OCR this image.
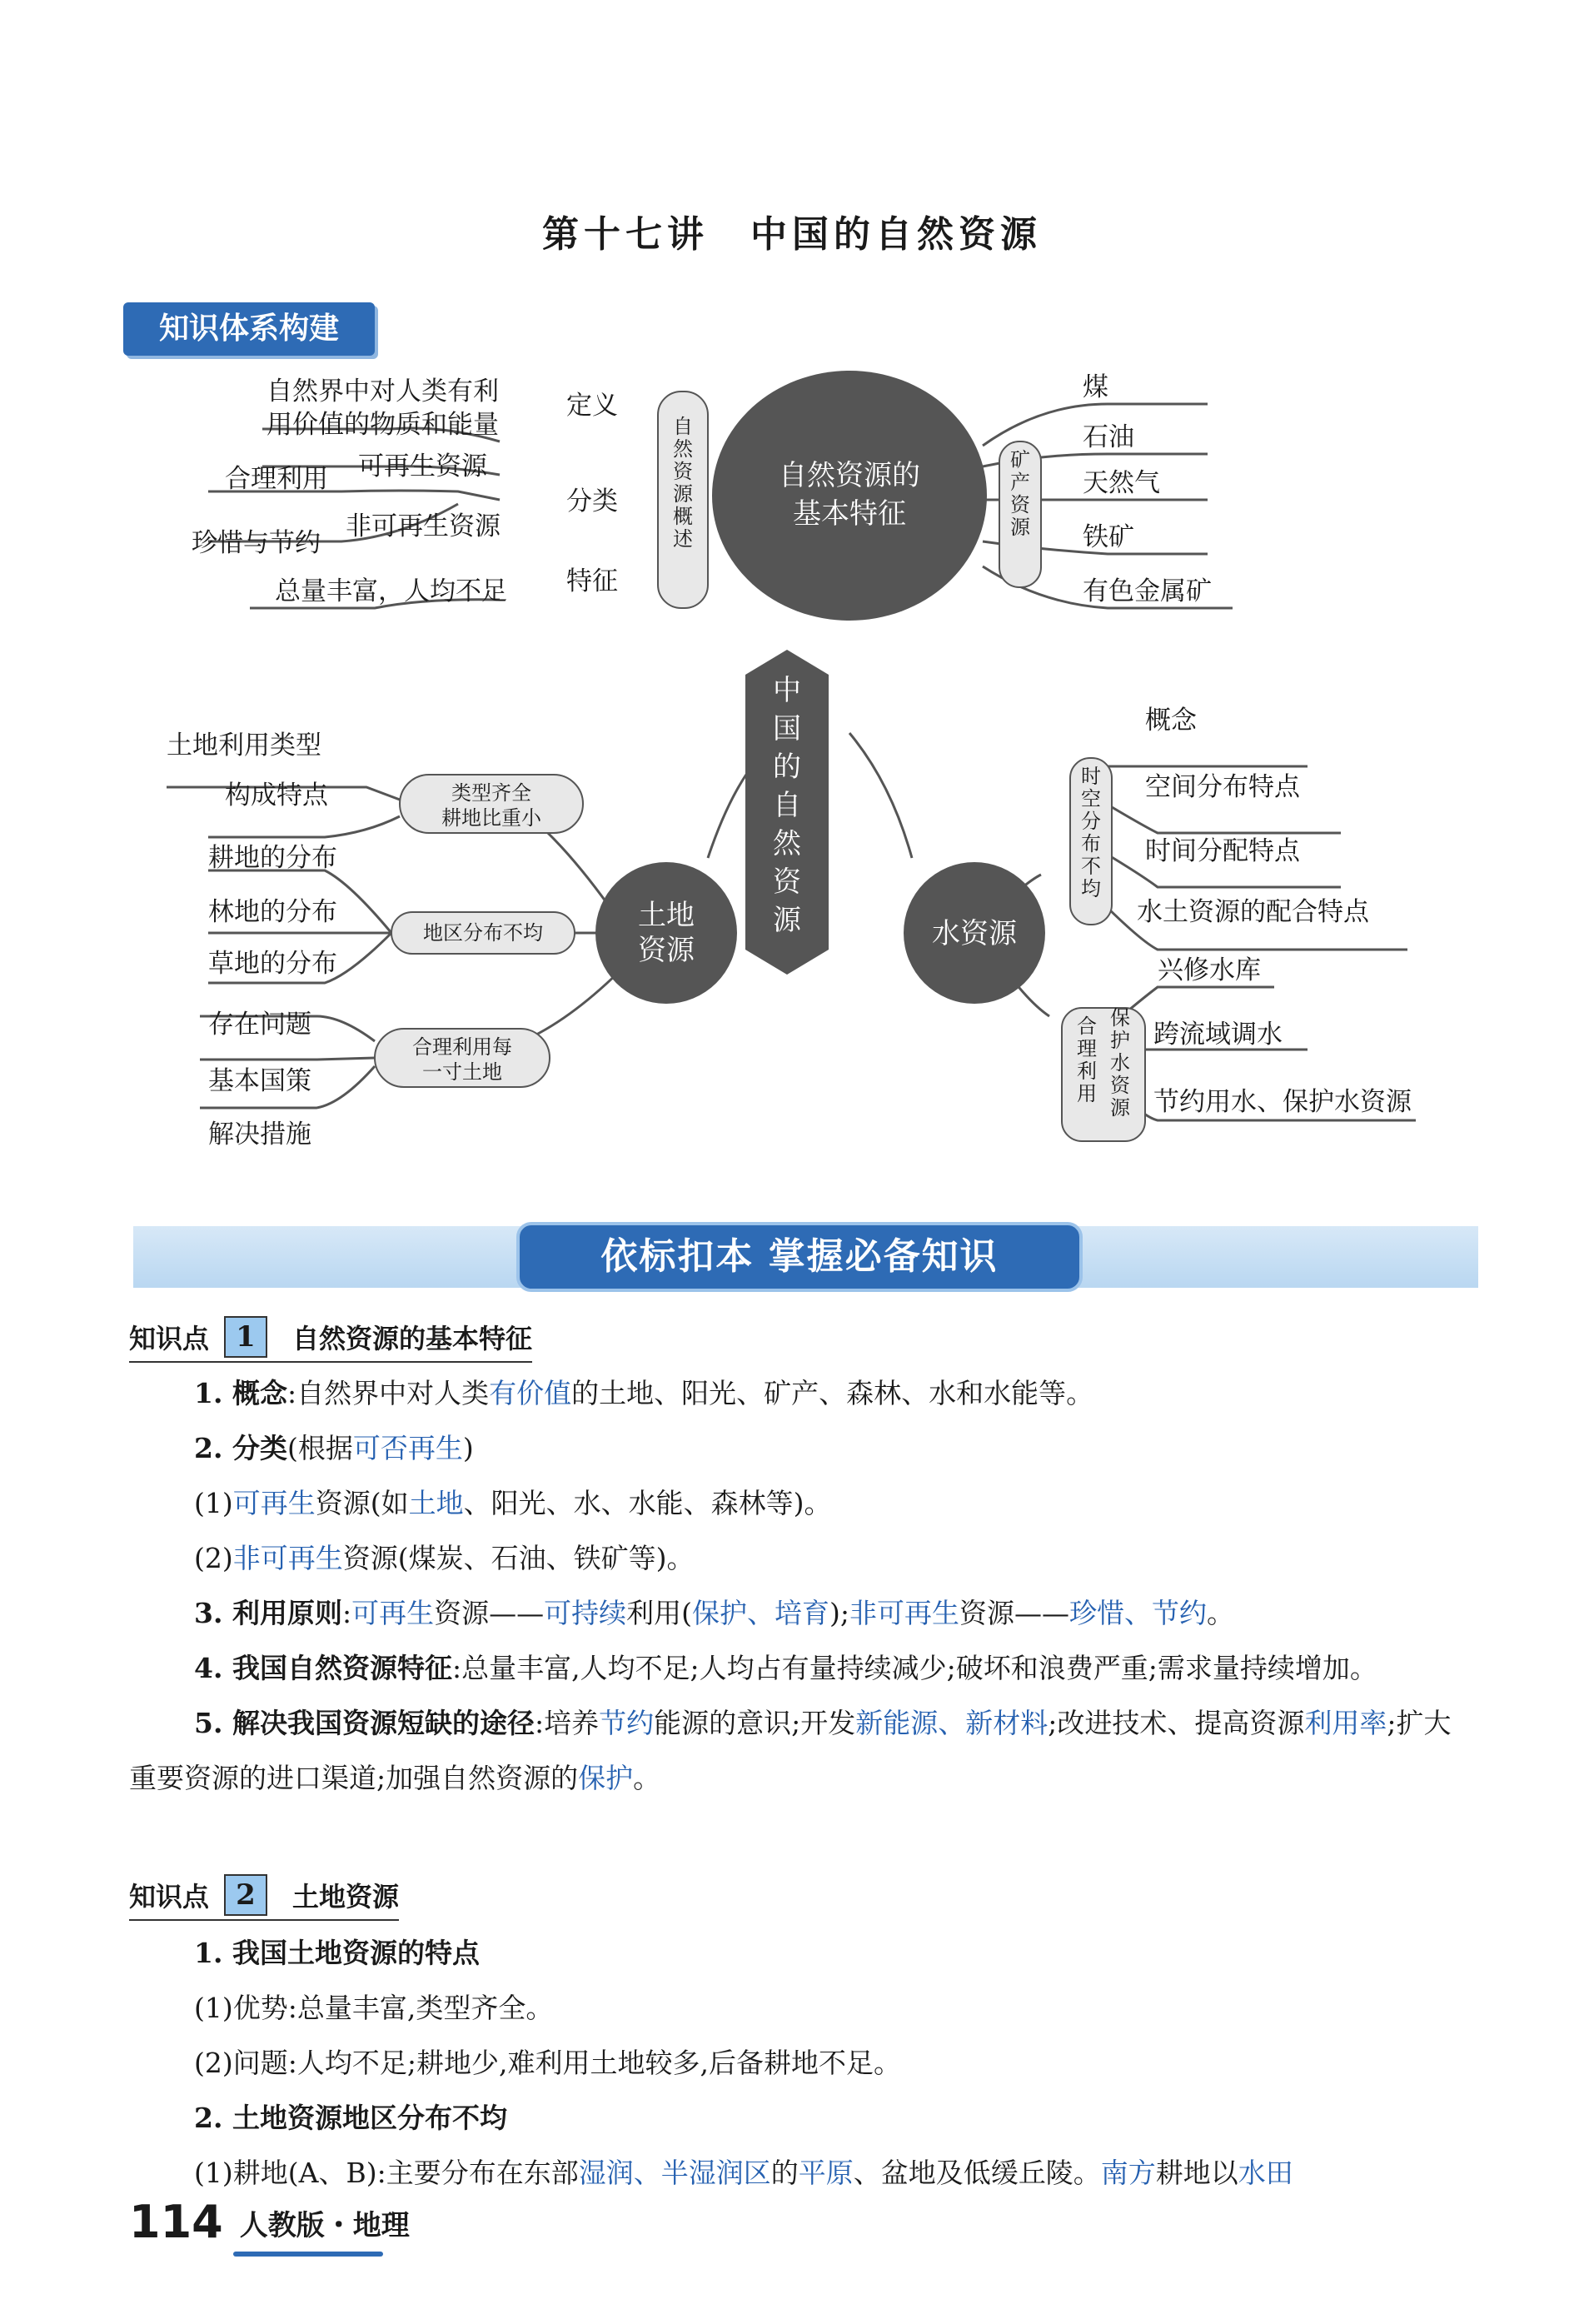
第十七讲　中国的自然资源
知识体系构建
中国的自然资源
自然资源的
基本特征
自然资源概述
矿产资源
自然界中对人类有利
用价值的物质和能量
定义
合理利用 可再生资源
分类
珍惜与节约
非可再生资源
总量丰富，人均不足 特征
煤
石油
天然气
铁矿
有色金属矿
土地
资源
类型齐全
耕地比重小
地区分布不均
合理利用每
一寸土地
土地利用类型
构成特点
耕地的分布
林地的分布
草地的分布
存在问题
基本国策
解决措施
水资源
时空分布不均
合理利用
保护水资源
概念
空间分布特点
时间分配特点
水土资源的配合特点
兴修水库
跨流域调水
节约用水、保护水资源
依标扣本 掌握必备知识
知识点 1	自然资源的基本特征

1. 概念:自然界中对人类有价值的土地、阳光、矿产、森林、水和水能等。

2. 分类(根据可否再生)

(1)可再生资源(如土地、阳光、水、水能、森林等)。

(2)非可再生资源(煤炭、石油、铁矿等)。

3. 利用原则:可再生资源——可持续利用(保护、培育);非可再生资源——珍惜、节约。

4. 我国自然资源特征:总量丰富,人均不足;人均占有量持续减少;破坏和浪费严重;需求量持续增加。

5. 解决我国资源短缺的途径:培养节约能源的意识;开发新能源、新材料;改进技术、提高资源利用率;扩大重要资源的进口渠道;加强自然资源的保护。

知识点 2	土地资源

1. 我国土地资源的特点

(1)优势:总量丰富,类型齐全。

(2)问题:人均不足;耕地少,难利用土地较多,后备耕地不足。

2. 土地资源地区分布不均

(1)耕地(A、B):主要分布在东部湿润、半湿润区的平原、盆地及低缓丘陵。南方耕地以水田

114 人教版・地理
